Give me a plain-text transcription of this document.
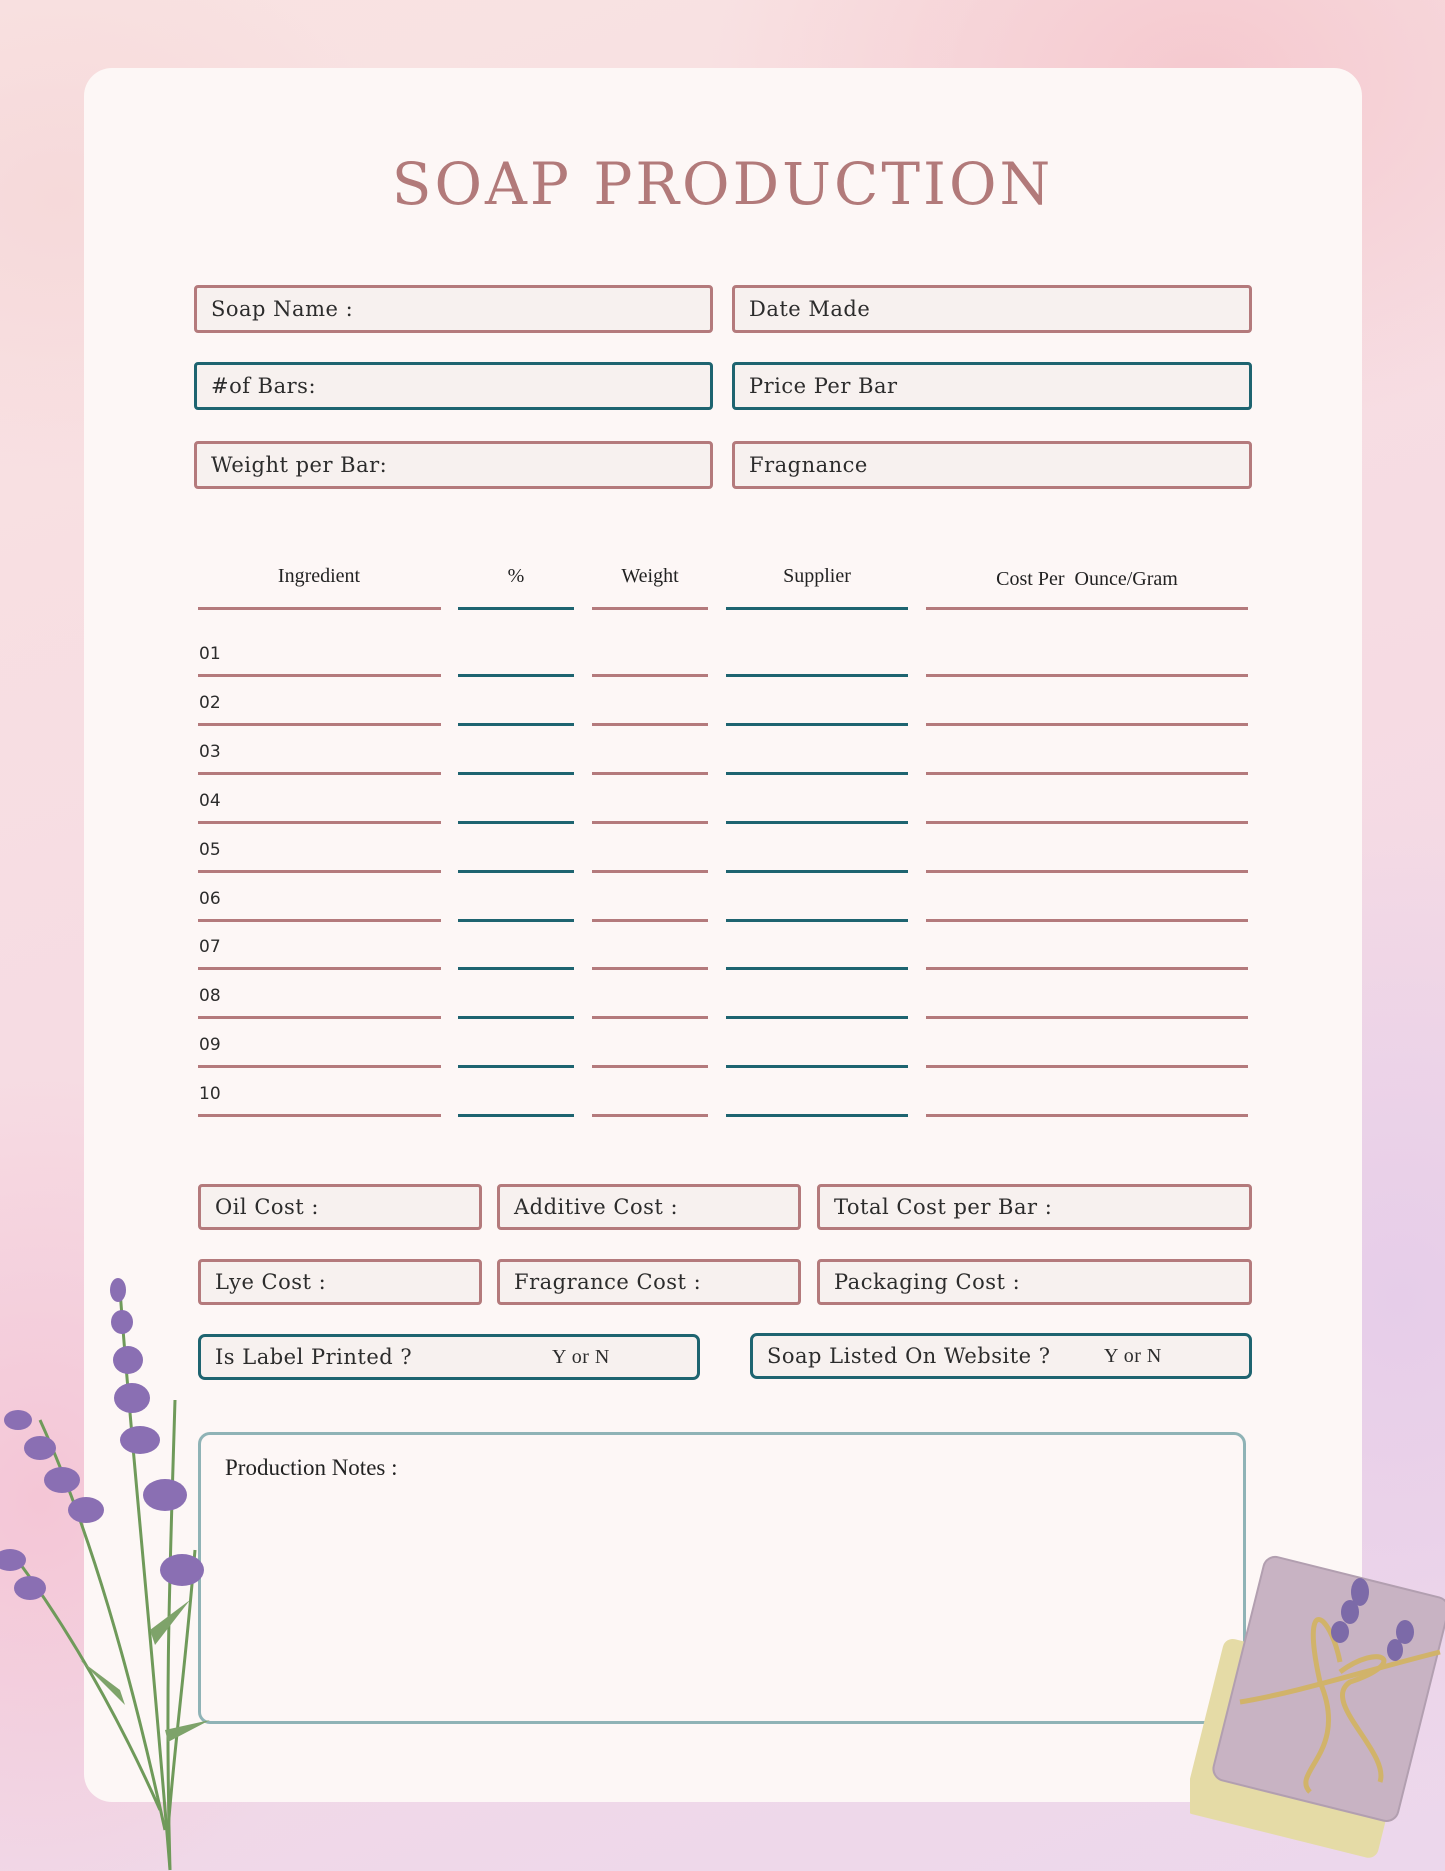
SOAP PRODUCTION
Soap Name :	Date Made
#of Bars:	Price Per Bar
Weight per Bar:	Fragnance
Ingredient	%	Weight	Supplier	Cost Per  Ounce/Gram
01
02
03
04
05
06
07
08
09
10
Oil Cost :	Additive Cost :	Total Cost per Bar :
Lye Cost :	Fragrance Cost :	Packaging Cost :
Is Label Printed ?	Y or N	Soap Listed On Website ?	Y or N
Production Notes :
